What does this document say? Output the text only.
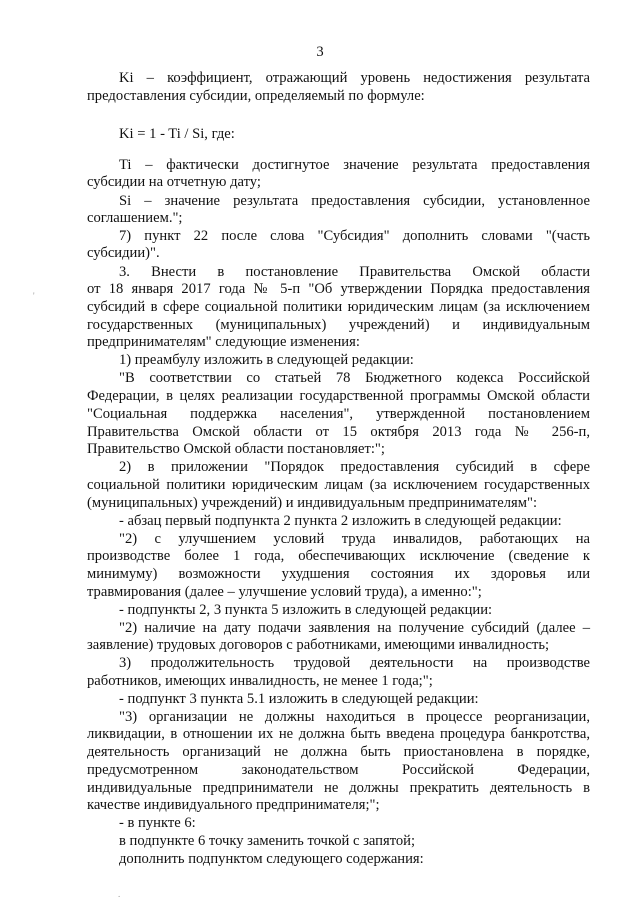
3
Ki – коэффициент, отражающий уровень недостижения результата
предоставления субсидии, определяемый по формуле:
Ki = 1 - Ti / Si, где:
Ti – фактически достигнутое значение результата предоставления
субсидии на отчетную дату;
Si – значение результата предоставления субсидии, установленное
соглашением.";
7) пункт 22 после слова "Субсидия" дополнить словами "(часть
субсидии)".
3. Внести в постановление Правительства Омской области
от 18 января 2017 года № 5-п "Об утверждении Порядка предоставления
субсидий в сфере социальной политики юридическим лицам (за исключением
государственных (муниципальных) учреждений) и индивидуальным
предпринимателям" следующие изменения:
1) преамбулу изложить в следующей редакции:
"В соответствии со статьей 78 Бюджетного кодекса Российской
Федерации, в целях реализации государственной программы Омской области
"Социальная поддержка населения", утвержденной постановлением
Правительства Омской области от 15 октября 2013 года № 256-п,
Правительство Омской области постановляет:";
2) в приложении "Порядок предоставления субсидий в сфере
социальной политики юридическим лицам (за исключением государственных
(муниципальных) учреждений) и индивидуальным предпринимателям":
- абзац первый подпункта 2 пункта 2 изложить в следующей редакции:
"2) с улучшением условий труда инвалидов, работающих на
производстве более 1 года, обеспечивающих исключение (сведение к
минимуму) возможности ухудшения состояния их здоровья или
травмирования (далее – улучшение условий труда), а именно:";
- подпункты 2, 3 пункта 5 изложить в следующей редакции:
"2) наличие на дату подачи заявления на получение субсидий (далее –
заявление) трудовых договоров с работниками, имеющими инвалидность;
3) продолжительность трудовой деятельности на производстве
работников, имеющих инвалидность, не менее 1 года;";
- подпункт 3 пункта 5.1 изложить в следующей редакции:
"3) организации не должны находиться в процессе реорганизации,
ликвидации, в отношении их не должна быть введена процедура банкротства,
деятельность организаций не должна быть приостановлена в порядке,
предусмотренном законодательством Российской Федерации,
индивидуальные предприниматели не должны прекратить деятельность в
качестве индивидуального предпринимателя;";
- в пункте 6:
в подпункте 6 точку заменить точкой с запятой;
дополнить подпунктом следующего содержания:
'
.
